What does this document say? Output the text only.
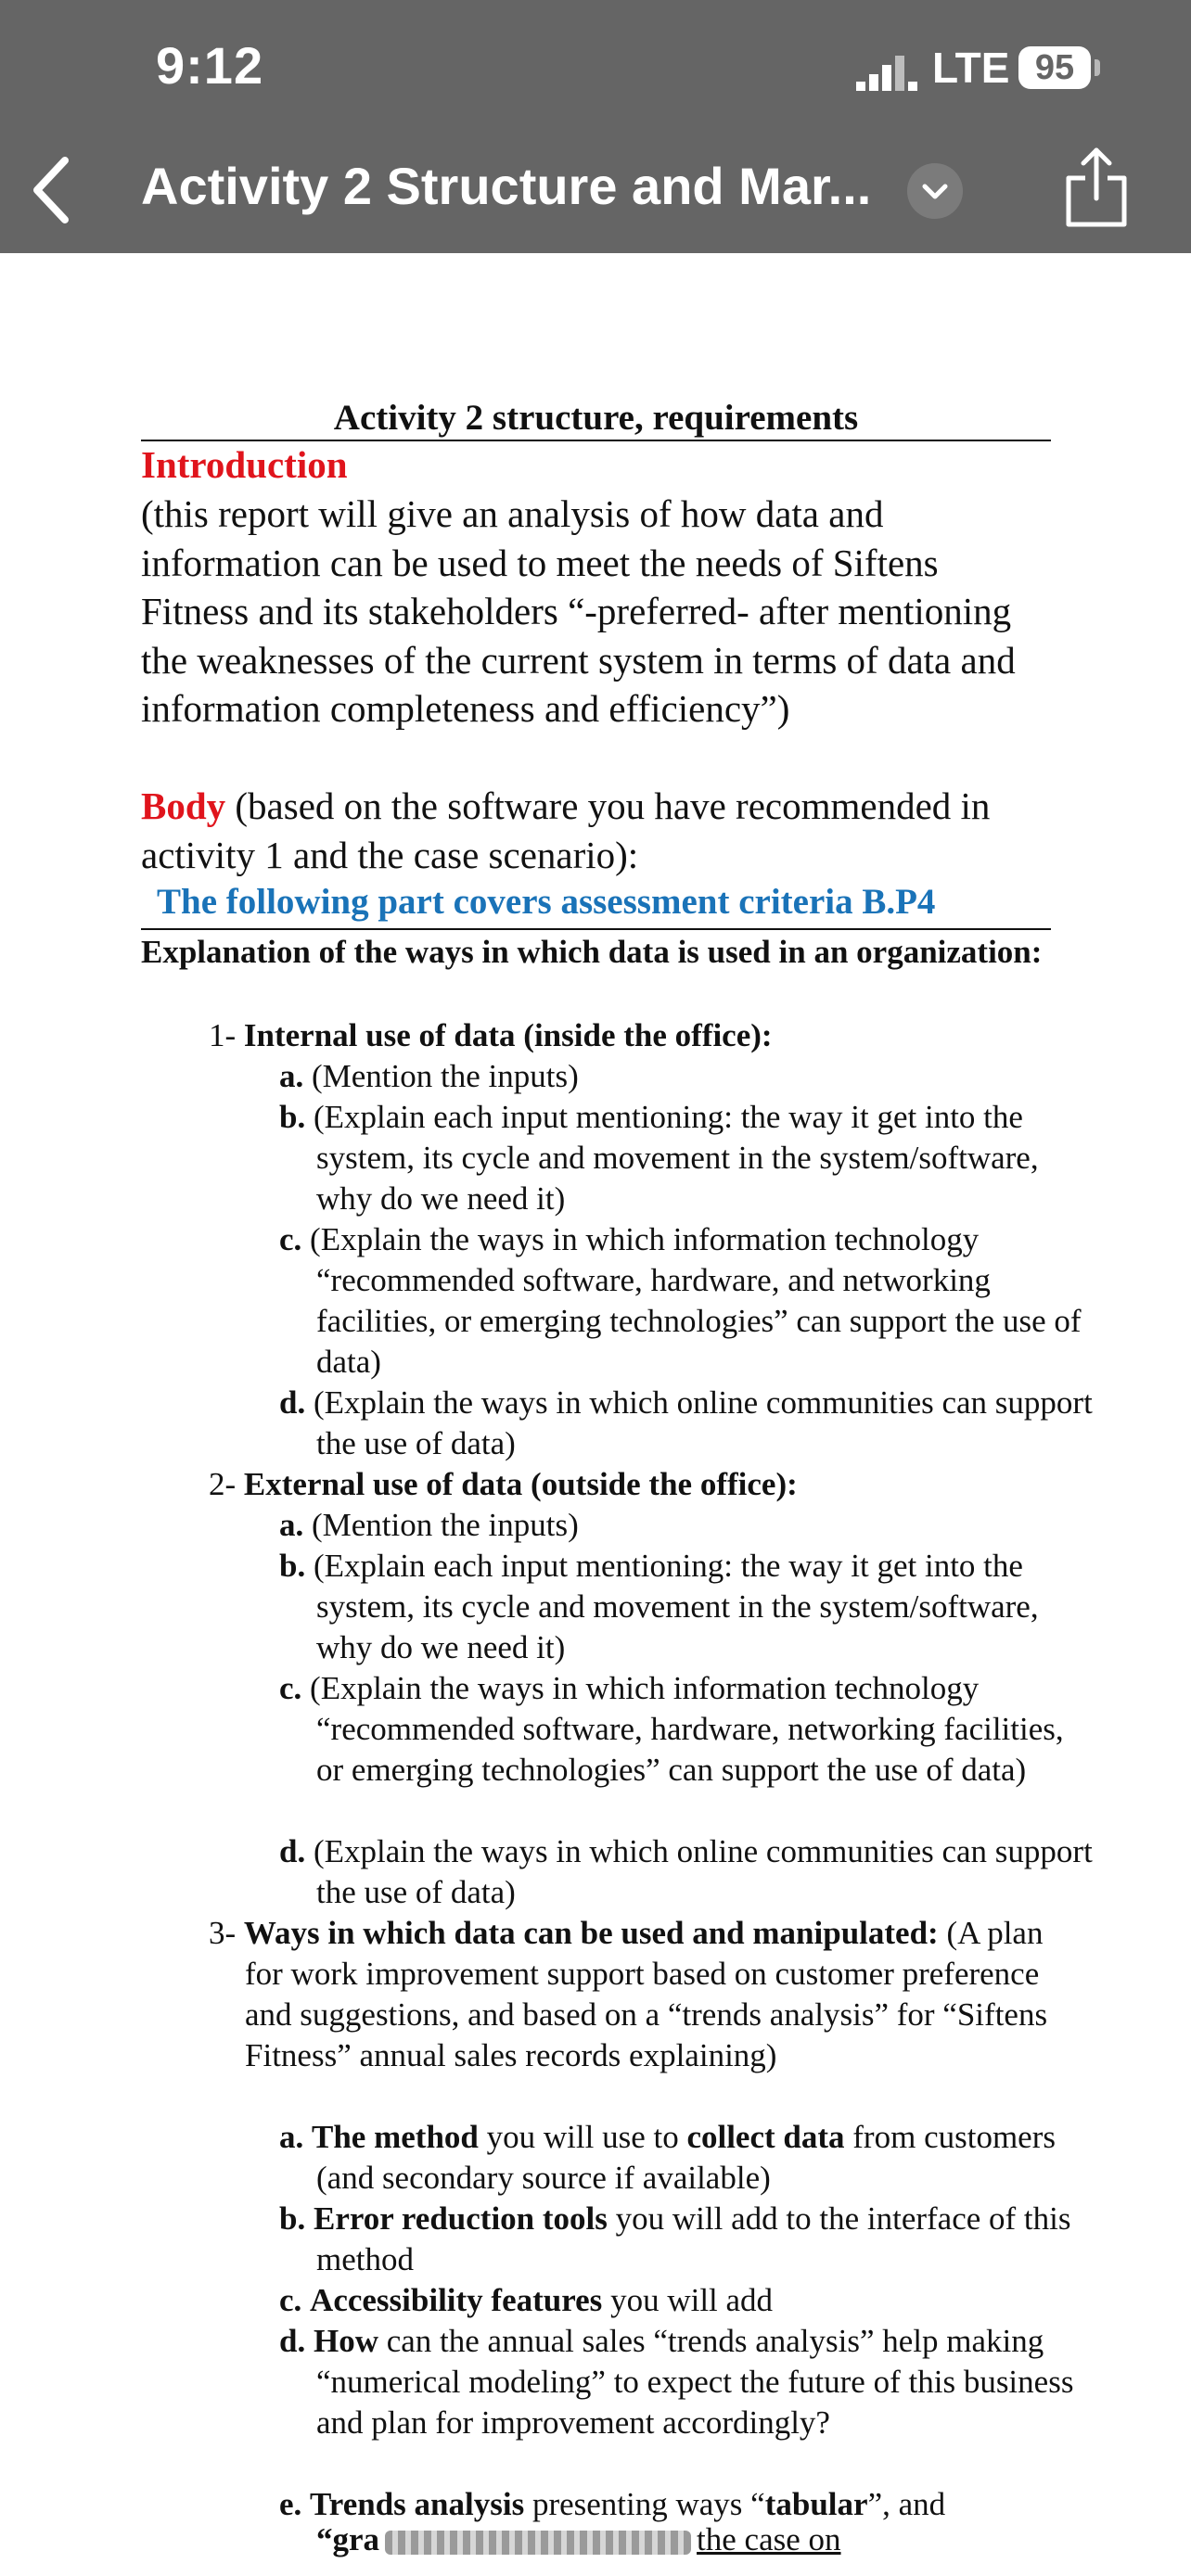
9:12	LTE 95
Activity 2 Structure and Mar...
Activity 2 structure, requirements
Introduction
(this report will give an analysis of how data and information can be used to meet the needs of Siftens Fitness and its stakeholders “-preferred- after mentioning the weaknesses of the current system in terms of data and information completeness and efficiency”)
Body (based on the software you have recommended in activity 1 and the case scenario):
The following part covers assessment criteria B.P4
Explanation of the ways in which data is used in an organization:
1- Internal use of data (inside the office):
a. (Mention the inputs)
b. (Explain each input mentioning: the way it get into the system, its cycle and movement in the system/software, why do we need it)
c. (Explain the ways in which information technology “recommended software, hardware, and networking facilities, or emerging technologies” can support the use of data)
d. (Explain the ways in which online communities can support the use of data)
2- External use of data (outside the office):
a. (Mention the inputs)
b. (Explain each input mentioning: the way it get into the system, its cycle and movement in the system/software, why do we need it)
c. (Explain the ways in which information technology “recommended software, hardware, networking facilities, or emerging technologies” can support the use of data)
d. (Explain the ways in which online communities can support the use of data)
3- Ways in which data can be used and manipulated: (A plan for work improvement support based on customer preference and suggestions, and based on a “trends analysis” for “Siftens Fitness” annual sales records explaining)
a. The method you will use to collect data from customers (and secondary source if available)
b. Error reduction tools you will add to the interface of this method
c. Accessibility features you will add
d. How can the annual sales “trends analysis” help making “numerical modeling” to expect the future of this business and plan for improvement accordingly?
e. Trends analysis presenting ways “tabular”, and
“gra	the case on
